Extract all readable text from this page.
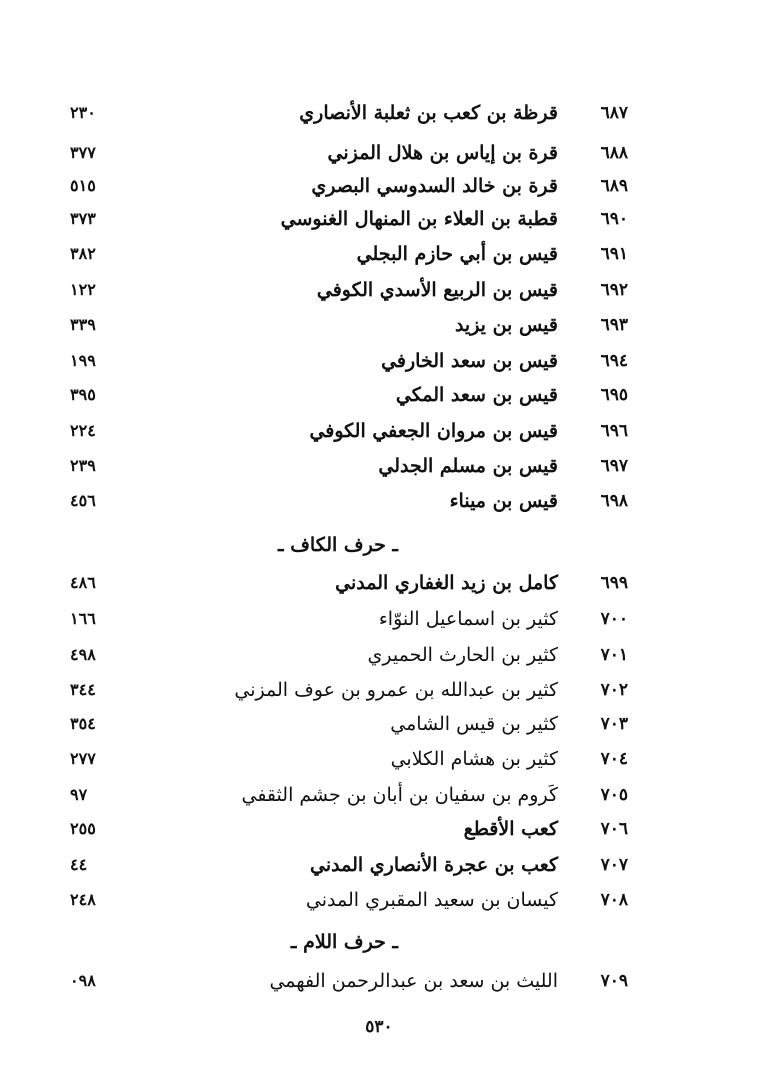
٦٨٧
قرظة بن كعب بن ثعلبة الأنصاري
٢٣٠
٦٨٨
قرة بن إياس بن هلال المزني
٣٧٧
٦٨٩
قرة بن خالد السدوسي البصري
٥١٥
٦٩٠
قطبة بن العلاء بن المنهال الغنوسي
٣٧٣
٦٩١
قيس بن أبي حازم البجلي
٣٨٢
٦٩٢
قيس بن الربيع الأسدي الكوفي
١٢٢
٦٩٣
قيس بن يزيد
٣٣٩
٦٩٤
قيس بن سعد الخارفي
١٩٩
٦٩٥
قيس بن سعد المكي
٣٩٥
٦٩٦
قيس بن مروان الجعفي الكوفي
٢٢٤
٦٩٧
قيس بن مسلم الجدلي
٢٣٩
٦٩٨
قيس بن ميناء
٤٥٦
ـ حرف الكاف ـ
٦٩٩
كامل بن زيد الغفاري المدني
٤٨٦
٧٠٠
كثير بن اسماعيل النوّاء
١٦٦
٧٠١
كثير بن الحارث الحميري
٤٩٨
٧٠٢
كثير بن عبدالله بن عمرو بن عوف المزني
٣٤٤
٧٠٣
كثير بن قيس الشامي
٣٥٤
٧٠٤
كثير بن هشام الكلابي
٢٧٧
٧٠٥
كَروم بن سفيان بن أبان بن جشم الثقفي
٩٧
٧٠٦
كعب الأقطع
٢٥٥
٧٠٧
كعب بن عجرة الأنصاري المدني
٤٤
٧٠٨
كيسان بن سعيد المقبري المدني
٢٤٨
ـ حرف اللام ـ
٧٠٩
الليث بن سعد بن عبدالرحمن الفهمي
٠٩٨
٥٣٠
